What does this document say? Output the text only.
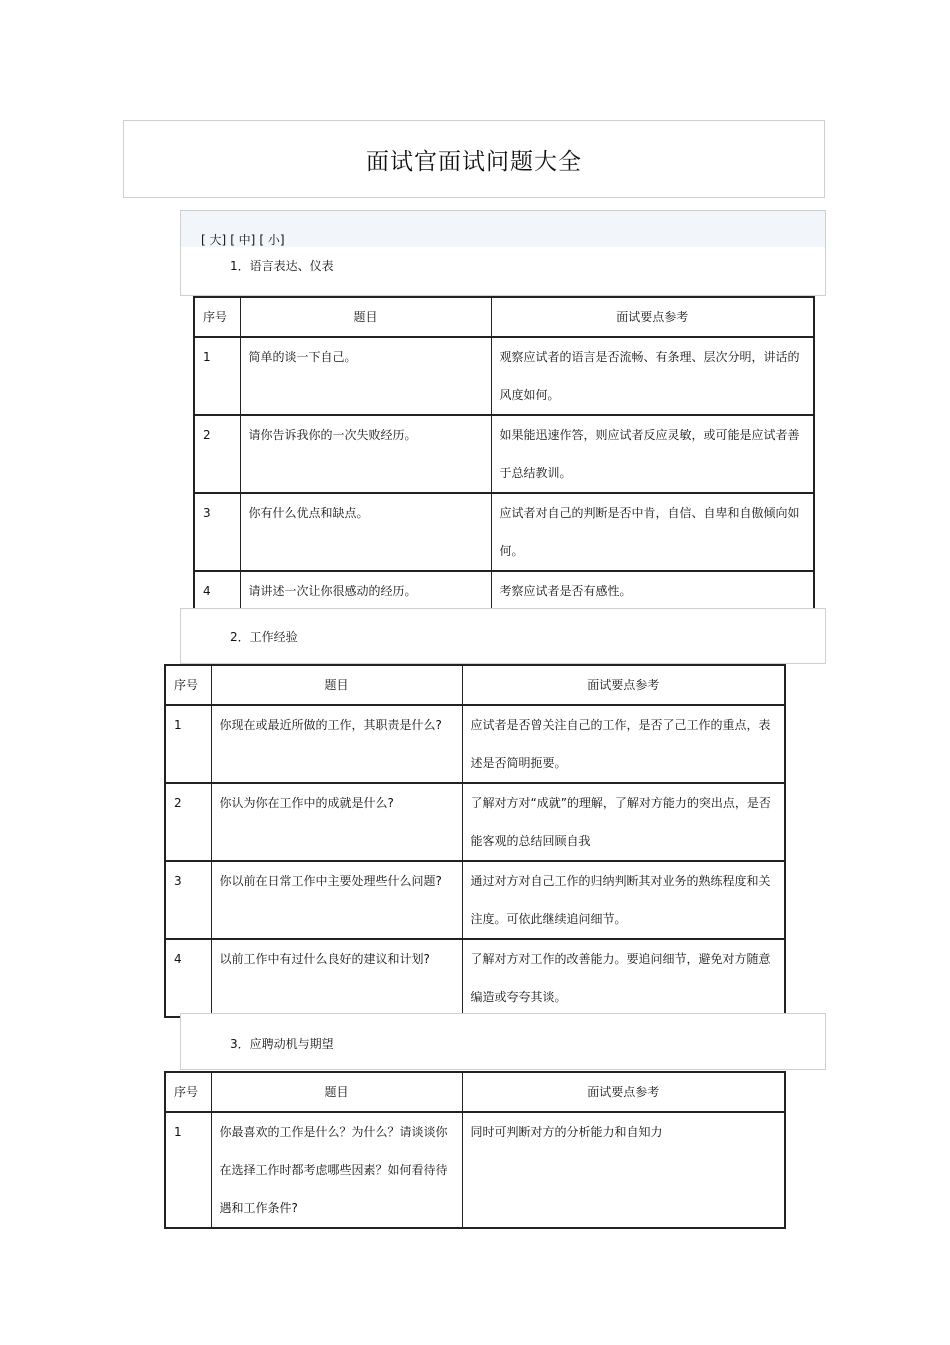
面试官面试问题大全
[ 大] [ 中] [ 小]
1．语言表达、仪表
序号	题目	面试要点参考
1	简单的谈一下自己。	观察应试者的语言是否流畅、有条理、层次分明，讲话的风度如何。
2	请你告诉我你的一次失败经历。	如果能迅速作答，则应试者反应灵敏，或可能是应试者善于总结教训。
3	你有什么优点和缺点。	应试者对自己的判断是否中肯，自信、自卑和自傲倾向如何。
4	请讲述一次让你很感动的经历。	考察应试者是否有感性。
2．工作经验
序号	题目	面试要点参考
1	你现在或最近所做的工作，其职责是什么?	应试者是否曾关注自己的工作，是否了己工作的重点，表述是否简明扼要。
2	你认为你在工作中的成就是什么?	了解对方对“成就”的理解，了解对方能力的突出点，是否能客观的总结回顾自我
3	你以前在日常工作中主要处理些什么问题?	通过对方对自己工作的归纳判断其对业务的熟练程度和关注度。可依此继续追问细节。
4	以前工作中有过什么良好的建议和计划?	了解对方对工作的改善能力。要追问细节，避免对方随意编造或夸夸其谈。
3．应聘动机与期望
序号	题目	面试要点参考
1	你最喜欢的工作是什么？为什么？请谈谈你在选择工作时都考虑哪些因素？如何看待待遇和工作条件?	同时可判断对方的分析能力和自知力
